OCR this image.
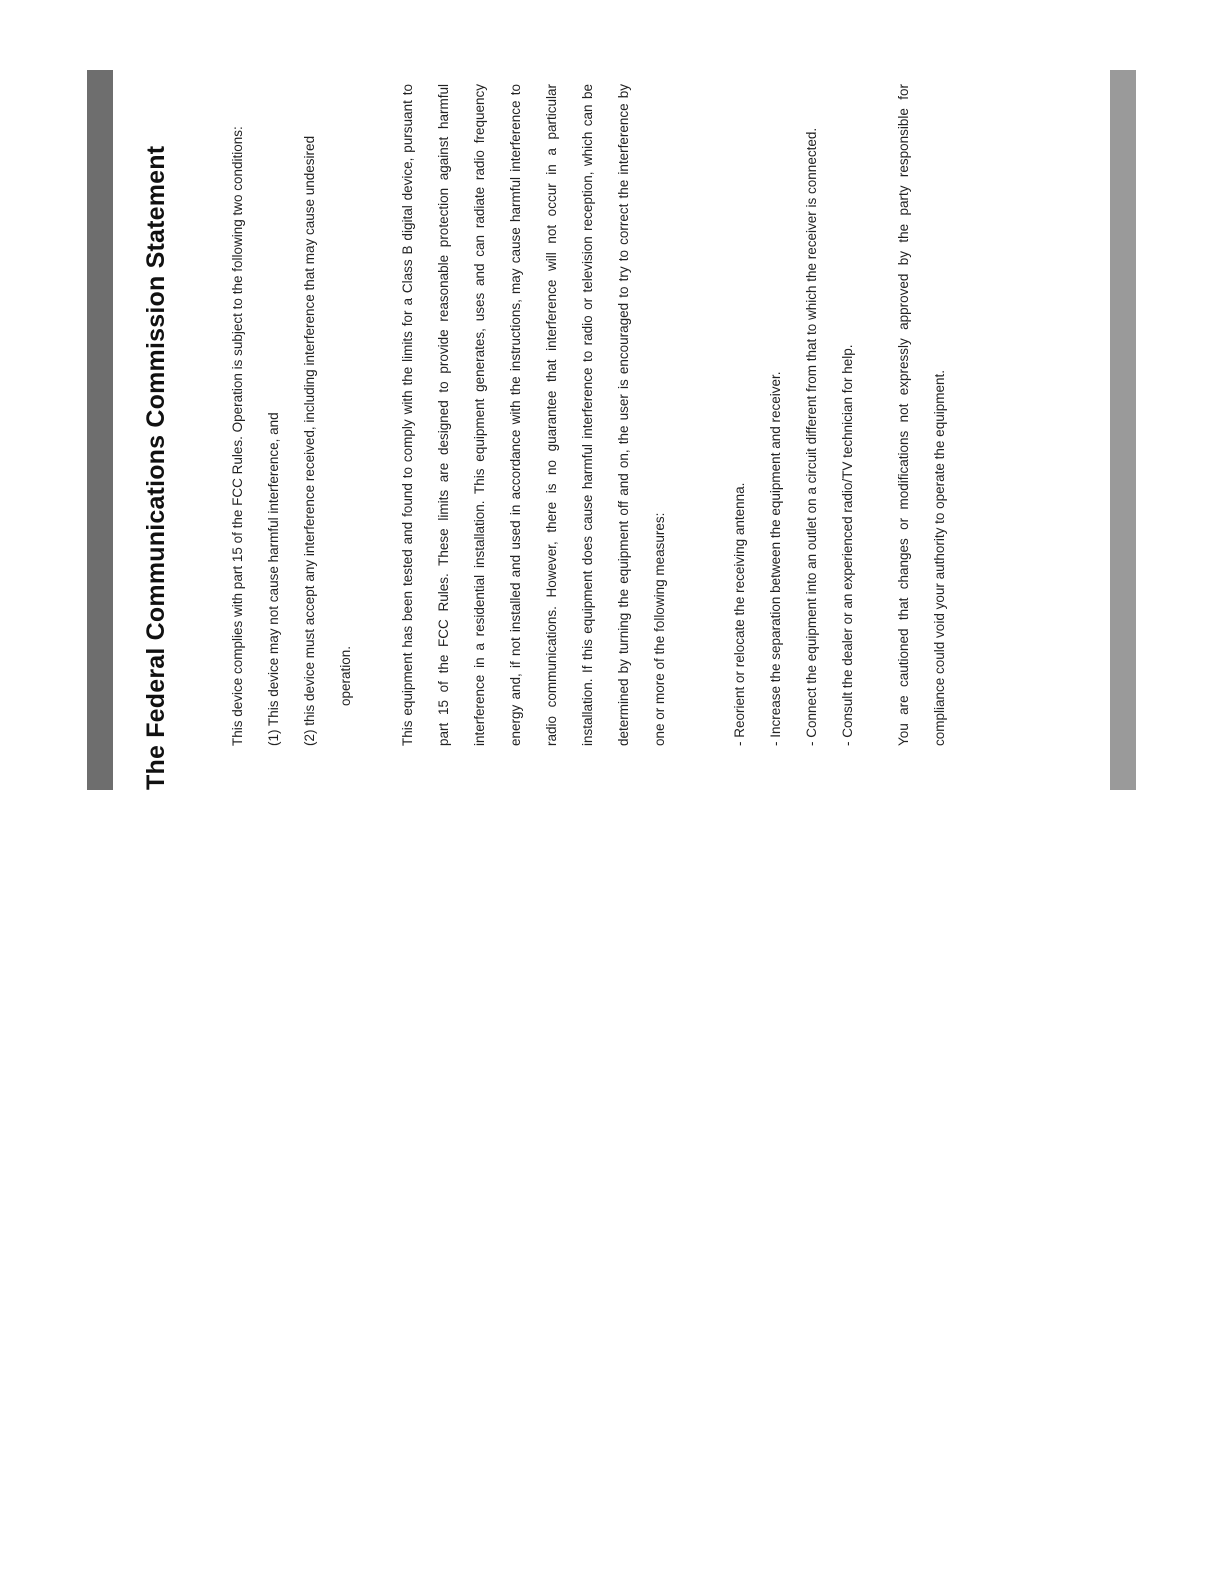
The Federal Communications Commission Statement	This device complies with part 15 of the FCC Rules. Operation is subject to the following two conditions:	(1) This device may not cause harmful interference, and	(2) this device must accept any interference received, including interference that may cause undesired operation.	This equipment has been tested and found to comply with the limits for a Class B digital device, pursuant to part 15 of the FCC Rules. These limits are designed to provide reasonable protection against harmful interference in a residential installation. This equipment generates, uses and can radiate radio frequency energy and, if not installed and used in accordance with the instructions, may cause harmful interference to radio communications. However, there is no guarantee that interference will not occur in a particular installation. If this equipment does cause harmful interference to radio or television reception, which can be determined by turning the equipment off and on, the user is encouraged to try to correct the interference by one or more of the following measures:	- Reorient or relocate the receiving antenna.	- Increase the separation between the equipment and receiver.	- Connect the equipment into an outlet on a circuit different from that to which the receiver is connected.	- Consult the dealer or an experienced radio/TV technician for help.	You are cautioned that changes or modifications not expressly approved by the party responsible for compliance could void your authority to operate the equipment.
